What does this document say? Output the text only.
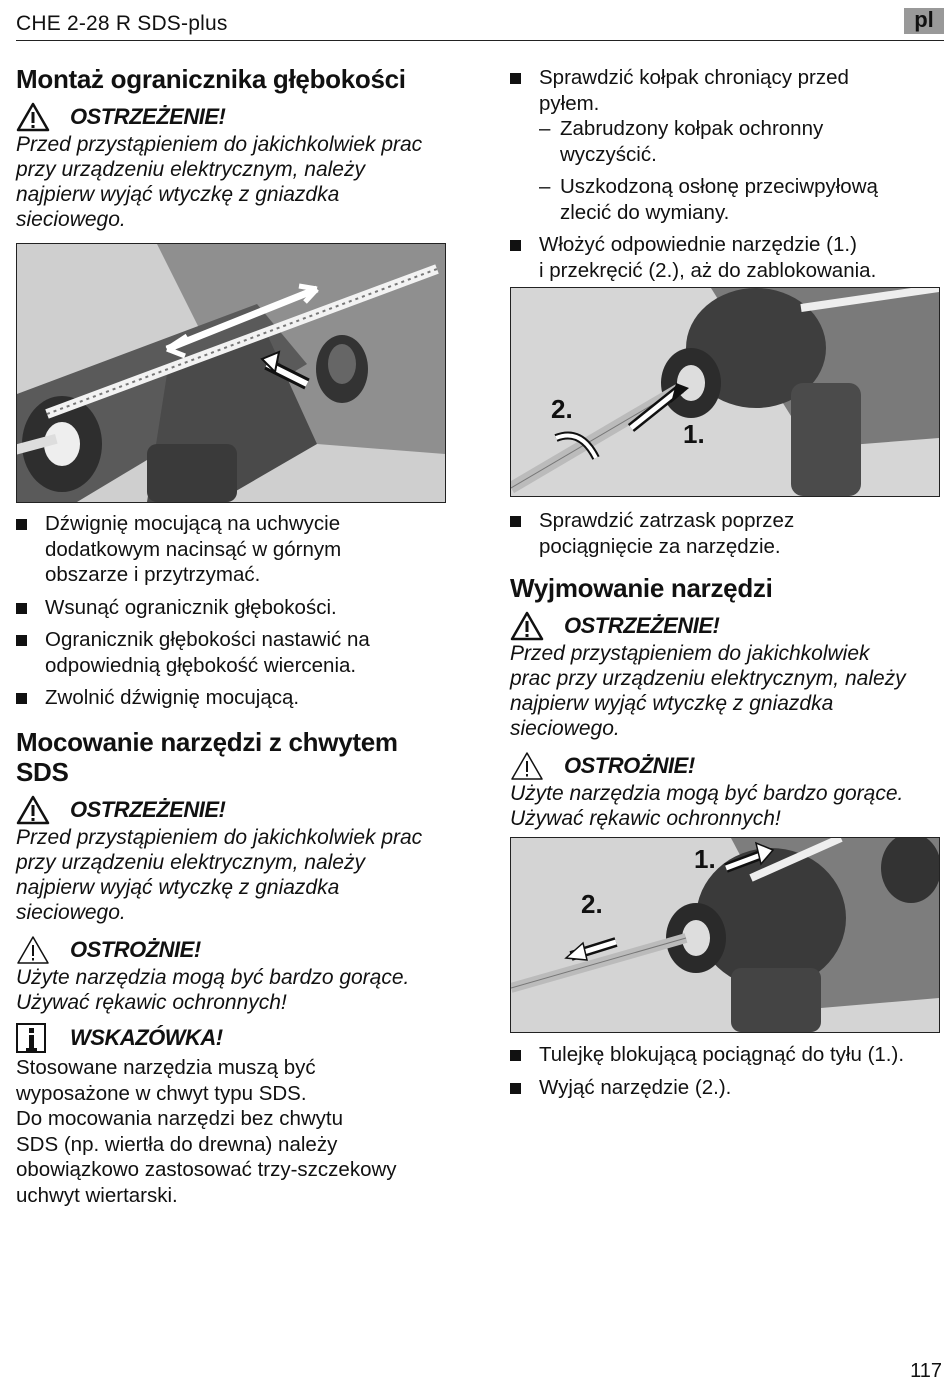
CHE 2-28 R SDS-plus	pl
Montaż ogranicznika głębokości
OSTRZEŻENIE!
Przed przystąpieniem do jakichkolwiek prac
przy urządzeniu elektrycznym, należy
najpierw wyjąć wtyczkę z gniazdka
sieciowego.
Dźwignię mocującą na uchwycie
dodatkowym nacinsąć w górnym
obszarze i przytrzymać.
Wsunąć ogranicznik głębokości.
Ogranicznik głębokości nastawić na
odpowiednią głębokość wiercenia.
Zwolnić dźwignię mocującą.
Mocowanie narzędzi z chwytem
SDS
OSTRZEŻENIE!
Przed przystąpieniem do jakichkolwiek prac
przy urządzeniu elektrycznym, należy
najpierw wyjąć wtyczkę z gniazdka
sieciowego.
OSTROŻNIE!
Użyte narzędzia mogą być bardzo gorące.
Używać rękawic ochronnych!
WSKAZÓWKA!
Stosowane narzędzia muszą być
wyposażone w chwyt typu SDS.
Do mocowania narzędzi bez chwytu
SDS (np. wiertła do drewna) należy
obowiązkowo zastosować trzy-szczekowy
uchwyt wiertarski.
Sprawdzić kołpak chroniący przed
pyłem.
– Zabrudzony kołpak ochronny
wyczyścić.
– Uszkodzoną osłonę przeciwpyłową
zlecić do wymiany.
Włożyć odpowiednie narzędzie (1.)
i przekręcić (2.), aż do zablokowania.
2.
1.
Sprawdzić zatrzask poprzez
pociągnięcie za narzędzie.
Wyjmowanie narzędzi
OSTRZEŻENIE!
Przed przystąpieniem do jakichkolwiek
prac przy urządzeniu elektrycznym, należy
najpierw wyjąć wtyczkę z gniazdka
sieciowego.
OSTROŻNIE!
Użyte narzędzia mogą być bardzo gorące.
Używać rękawic ochronnych!
2.
1.
Tulejkę blokującą pociągnąć do tyłu (1.).
Wyjąć narzędzie (2.).
117
